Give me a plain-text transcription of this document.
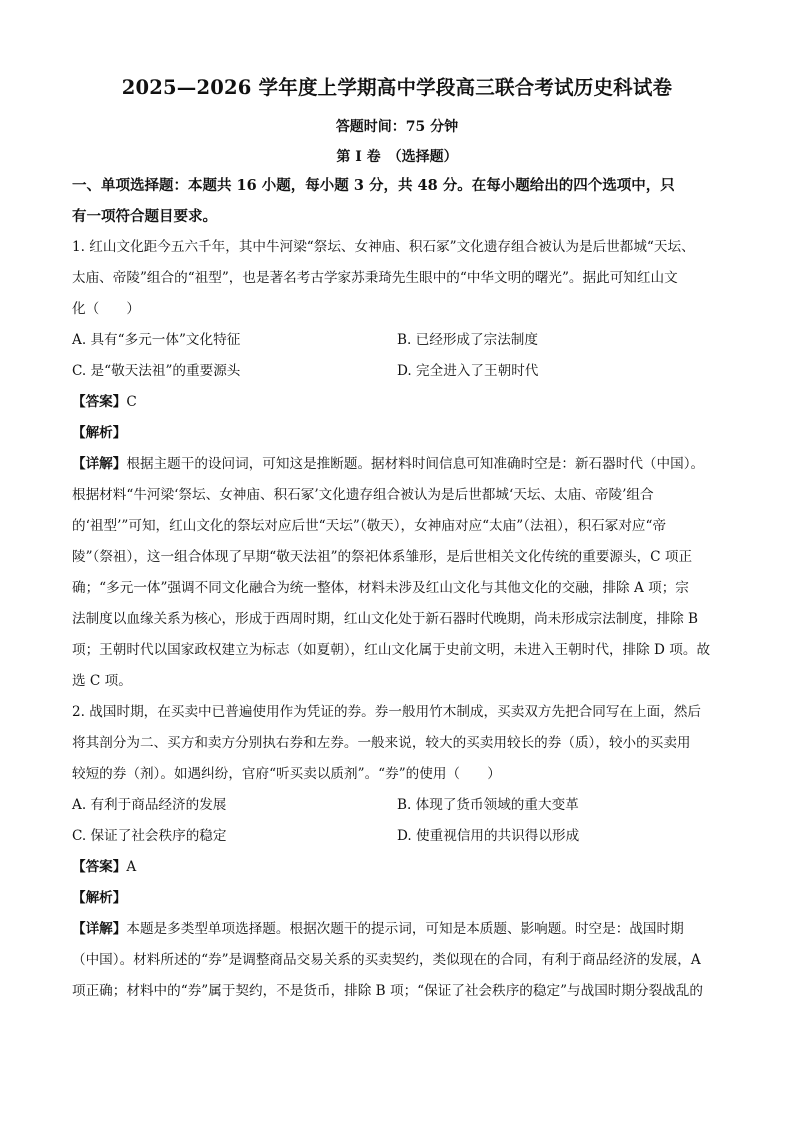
2025—2026 学年度上学期高中学段高三联合考试历史科试卷
答题时间：75 分钟
第 I 卷　（选择题）
一、单项选择题：本题共 16 小题，每小题 3 分，共 48 分。在每小题给出的四个选项中，只
有一项符合题目要求。
1. 红山文化距今五六千年，其中牛河梁“祭坛、女神庙、积石冢”文化遗存组合被认为是后世都城“天坛、
太庙、帝陵”组合的“祖型”，也是著名考古学家苏秉琦先生眼中的“中华文明的曙光”。据此可知红山文
化（　　）
A. 具有“多元一体”文化特征	B. 已经形成了宗法制度
C. 是“敬天法祖”的重要源头	D. 完全进入了王朝时代
【答案】C
【解析】
【详解】根据主题干的设问词，可知这是推断题。据材料时间信息可知准确时空是：新石器时代（中国）。
根据材料“牛河梁‘祭坛、女神庙、积石冢’文化遗存组合被认为是后世都城‘天坛、太庙、帝陵’组合
的‘祖型’”可知，红山文化的祭坛对应后世“天坛”（敬天），女神庙对应“太庙”（法祖），积石冢对应“帝
陵”（祭祖），这一组合体现了早期“敬天法祖”的祭祀体系雏形，是后世相关文化传统的重要源头，C 项正
确；“多元一体”强调不同文化融合为统一整体，材料未涉及红山文化与其他文化的交融，排除 A 项；宗
法制度以血缘关系为核心，形成于西周时期，红山文化处于新石器时代晚期，尚未形成宗法制度，排除 B
项；王朝时代以国家政权建立为标志（如夏朝），红山文化属于史前文明，未进入王朝时代，排除 D 项。故
选 C 项。
2. 战国时期，在买卖中已普遍使用作为凭证的券。券一般用竹木制成，买卖双方先把合同写在上面，然后
将其剖分为二、买方和卖方分别执右券和左券。一般来说，较大的买卖用较长的券（质），较小的买卖用
较短的券（剂）。如遇纠纷，官府“听买卖以质剂”。“券”的使用（　　）
A. 有利于商品经济的发展	B. 体现了货币领域的重大变革
C. 保证了社会秩序的稳定	D. 使重视信用的共识得以形成
【答案】A
【解析】
【详解】本题是多类型单项选择题。根据次题干的提示词，可知是本质题、影响题。时空是：战国时期
（中国）。材料所述的“券”是调整商品交易关系的买卖契约，类似现在的合同，有利于商品经济的发展，A
项正确；材料中的“券”属于契约，不是货币，排除 B 项；“保证了社会秩序的稳定”与战国时期分裂战乱的
